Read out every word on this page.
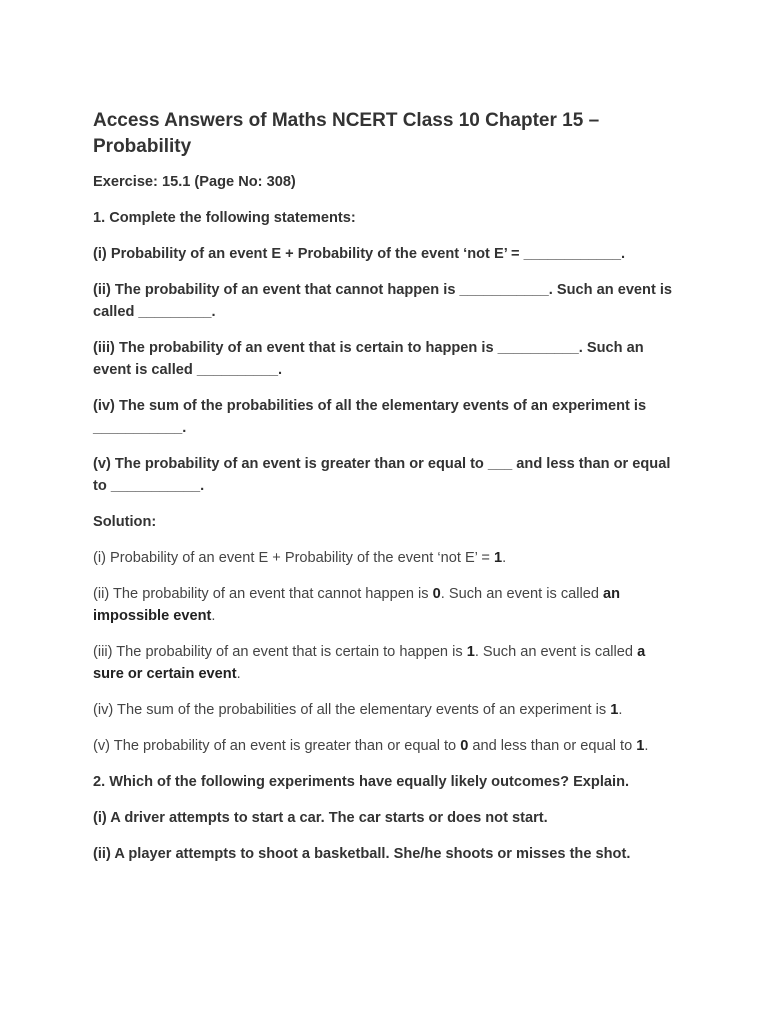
Access Answers of Maths NCERT Class 10 Chapter 15 – Probability

Exercise: 15.1 (Page No: 308)

1. Complete the following statements:

(i) Probability of an event E + Probability of the event ‘not E’ = ____________.

(ii) The probability of an event that cannot happen is ___________. Such an event is called _________.

(iii) The probability of an event that is certain to happen is __________. Such an event is called __________.

(iv) The sum of the probabilities of all the elementary events of an experiment is ___________.

(v) The probability of an event is greater than or equal to ___ and less than or equal to ___________.

Solution:

(i) Probability of an event E + Probability of the event ‘not E’ = 1.

(ii) The probability of an event that cannot happen is 0. Such an event is called an impossible event.

(iii) The probability of an event that is certain to happen is 1. Such an event is called a sure or certain event.

(iv) The sum of the probabilities of all the elementary events of an experiment is 1.

(v) The probability of an event is greater than or equal to 0 and less than or equal to 1.

2. Which of the following experiments have equally likely outcomes? Explain.

(i) A driver attempts to start a car. The car starts or does not start.

(ii) A player attempts to shoot a basketball. She/he shoots or misses the shot.
